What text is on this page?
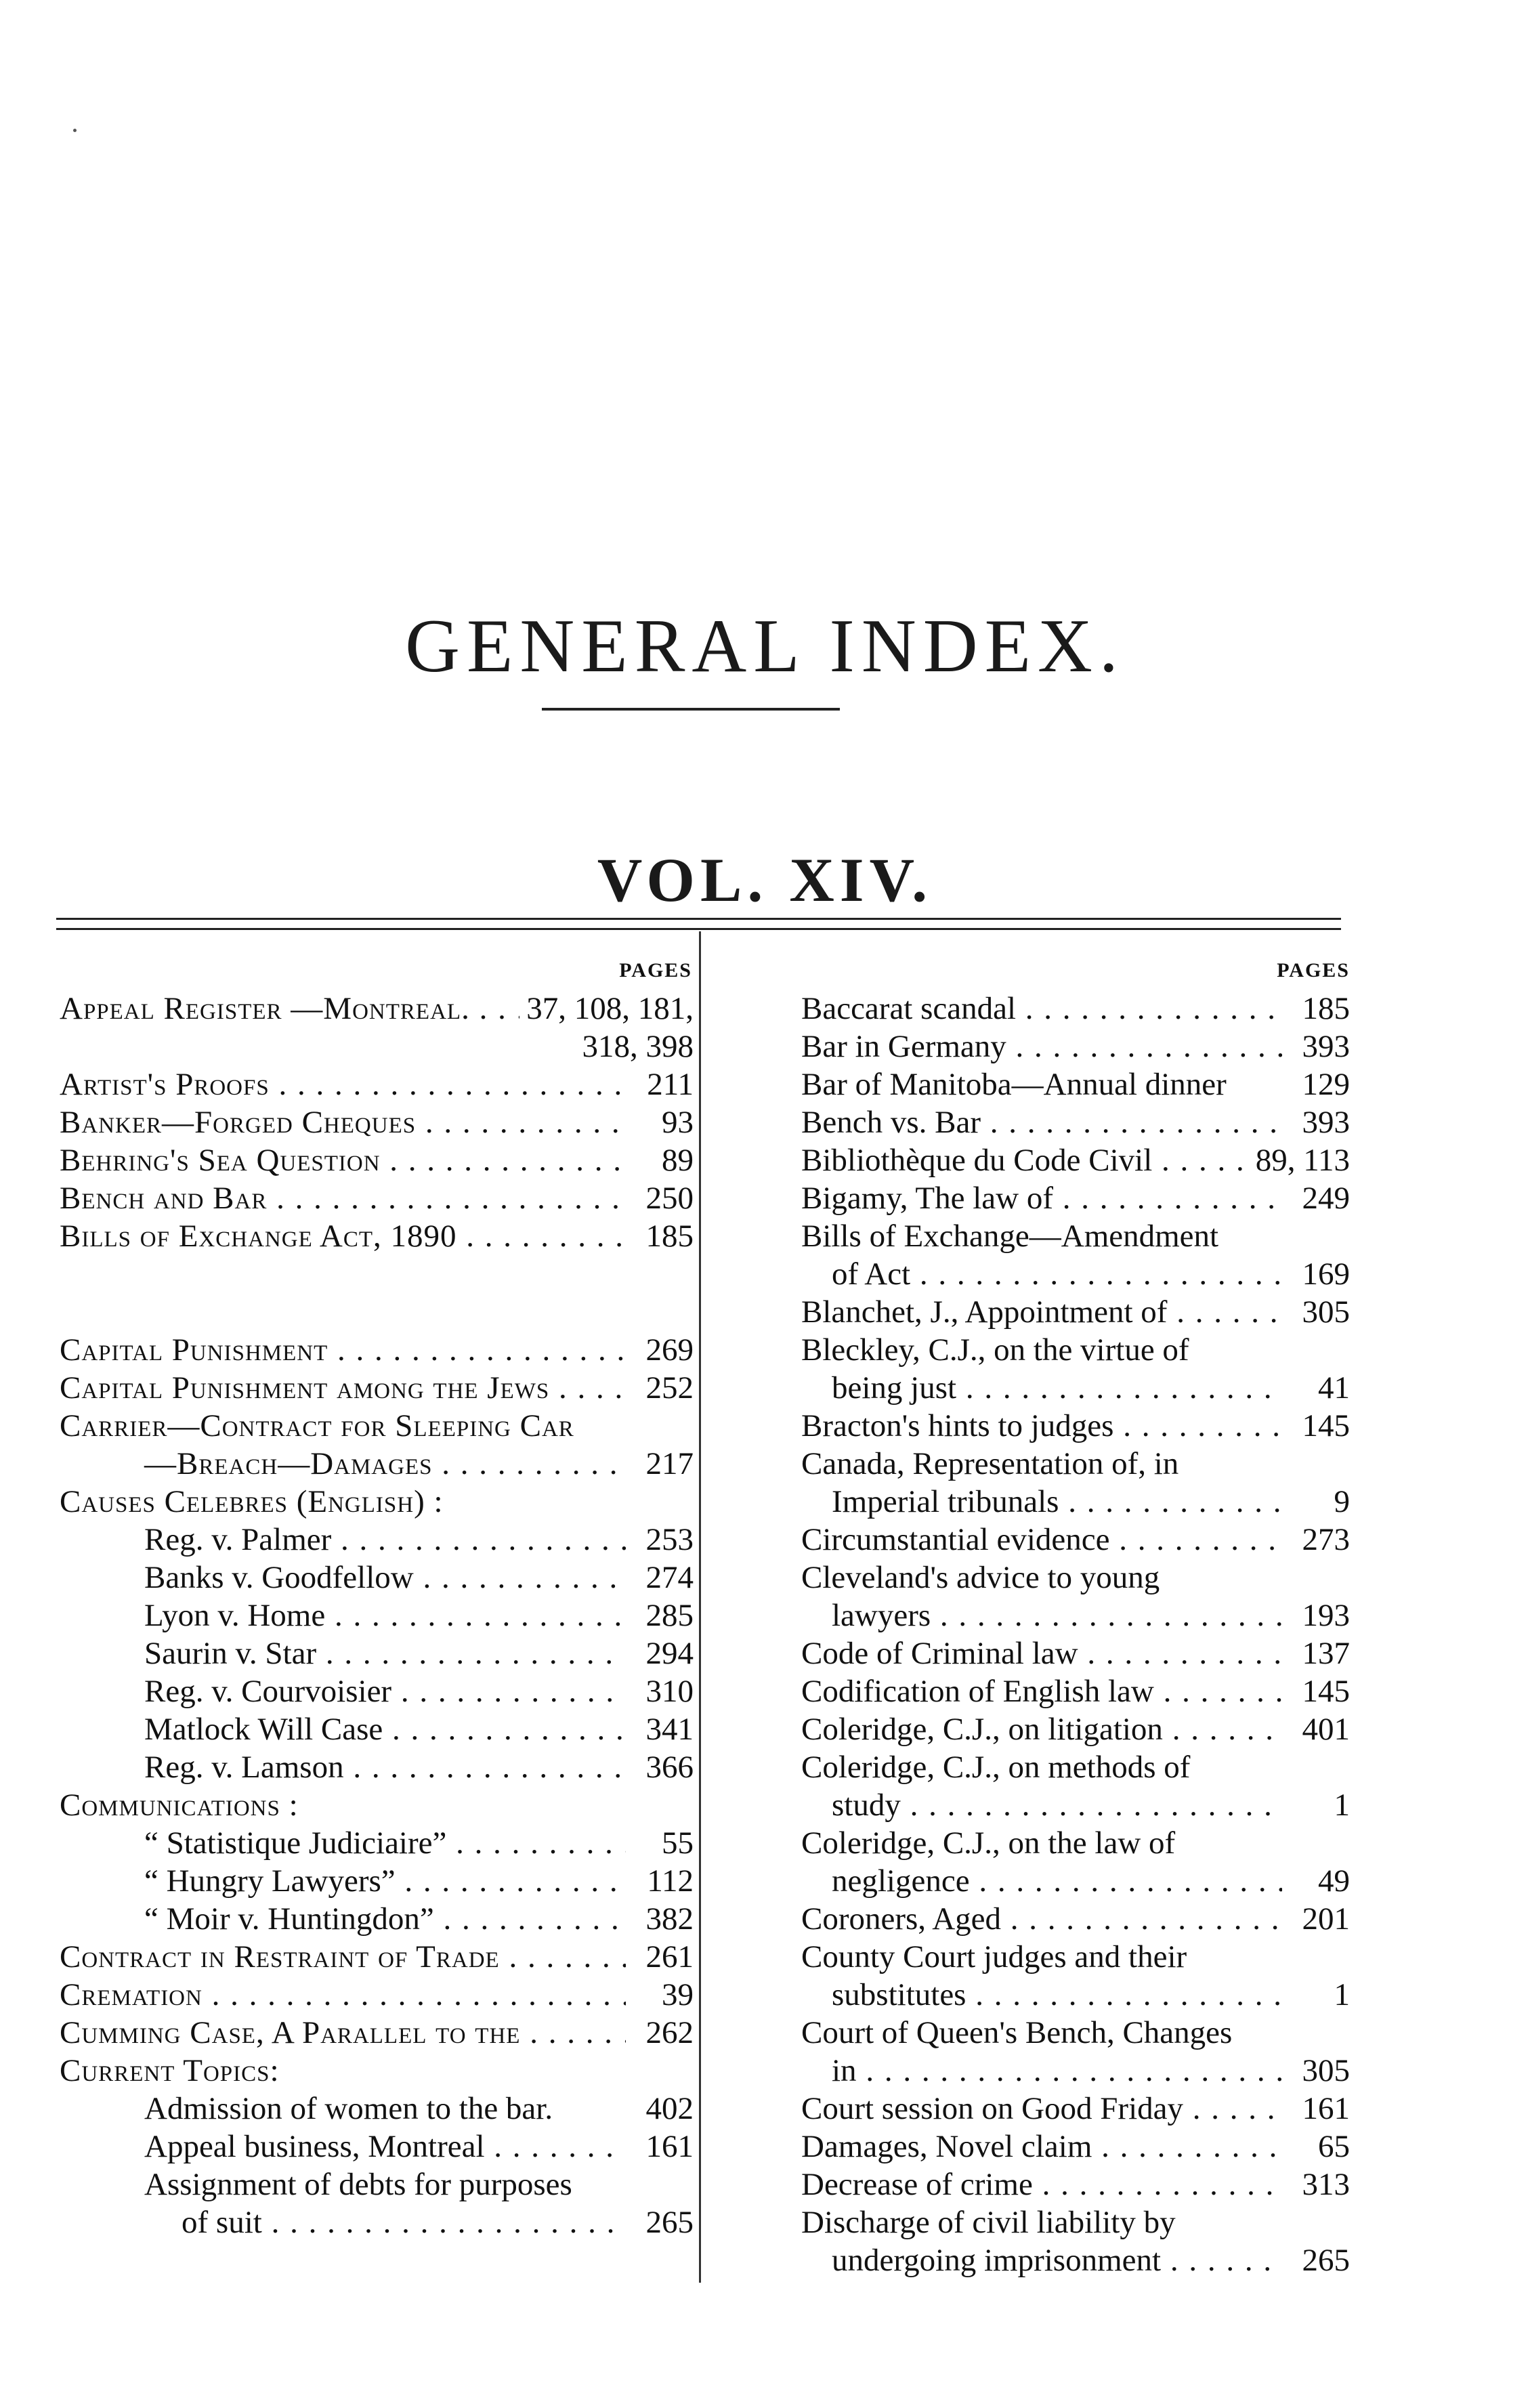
GENERAL INDEX.
VOL. XIV.
PAGES
Appeal Register —Montreal. . . .	37, 108, 181,
318, 398
Artist's Proofs . . .	211
Banker—Forged Cheques . . .	93
Behring's Sea Question . . .	89
Bench and Bar . . .	250
Bills of Exchange Act, 1890 . . .	185
Capital Punishment . . .	269
Capital Punishment among the Jews . . .	252
Carrier—Contract for Sleeping Car
—Breach—Damages . . .	217
Causes Celebres (English) :
Reg. v. Palmer . . .	253
Banks v. Goodfellow . . .	274
Lyon v. Home . . .	285
Saurin v. Star . . .	294
Reg. v. Courvoisier . . .	310
Matlock Will Case . . .	341
Reg. v. Lamson . . .	366
Communications :
“ Statistique Judiciaire” . . .	55
“ Hungry Lawyers” . . .	112
“ Moir v. Huntingdon” . . .	382
Contract in Restraint of Trade . . .	261
Cremation . . .	39
Cumming Case, A Parallel to the . . .	262
Current Topics:
Admission of women to the bar.	402
Appeal business, Montreal . . .	161
Assignment of debts for purposes
of suit . . .	265
PAGES
Baccarat scandal . . .	185
Bar in Germany . . .	393
Bar of Manitoba—Annual dinner	129
Bench vs. Bar . . .	393
Bibliothèque du Code Civil . . .	89, 113
Bigamy, The law of . . .	249
Bills of Exchange—Amendment
of Act . . .	169
Blanchet, J., Appointment of . . .	305
Bleckley, C.J., on the virtue of
being just . . .	41
Bracton's hints to judges . . .	145
Canada, Representation of, in
Imperial tribunals . . .	9
Circumstantial evidence . . .	273
Cleveland's advice to young
lawyers . . .	193
Code of Criminal law . . .	137
Codification of English law . . .	145
Coleridge, C.J., on litigation . . .	401
Coleridge, C.J., on methods of
study . . .	1
Coleridge, C.J., on the law of
negligence . . .	49
Coroners, Aged . . .	201
County Court judges and their
substitutes . . .	1
Court of Queen's Bench, Changes
in . . .	305
Court session on Good Friday . . .	161
Damages, Novel claim . . .	65
Decrease of crime . . .	313
Discharge of civil liability by
undergoing imprisonment . . .	265
